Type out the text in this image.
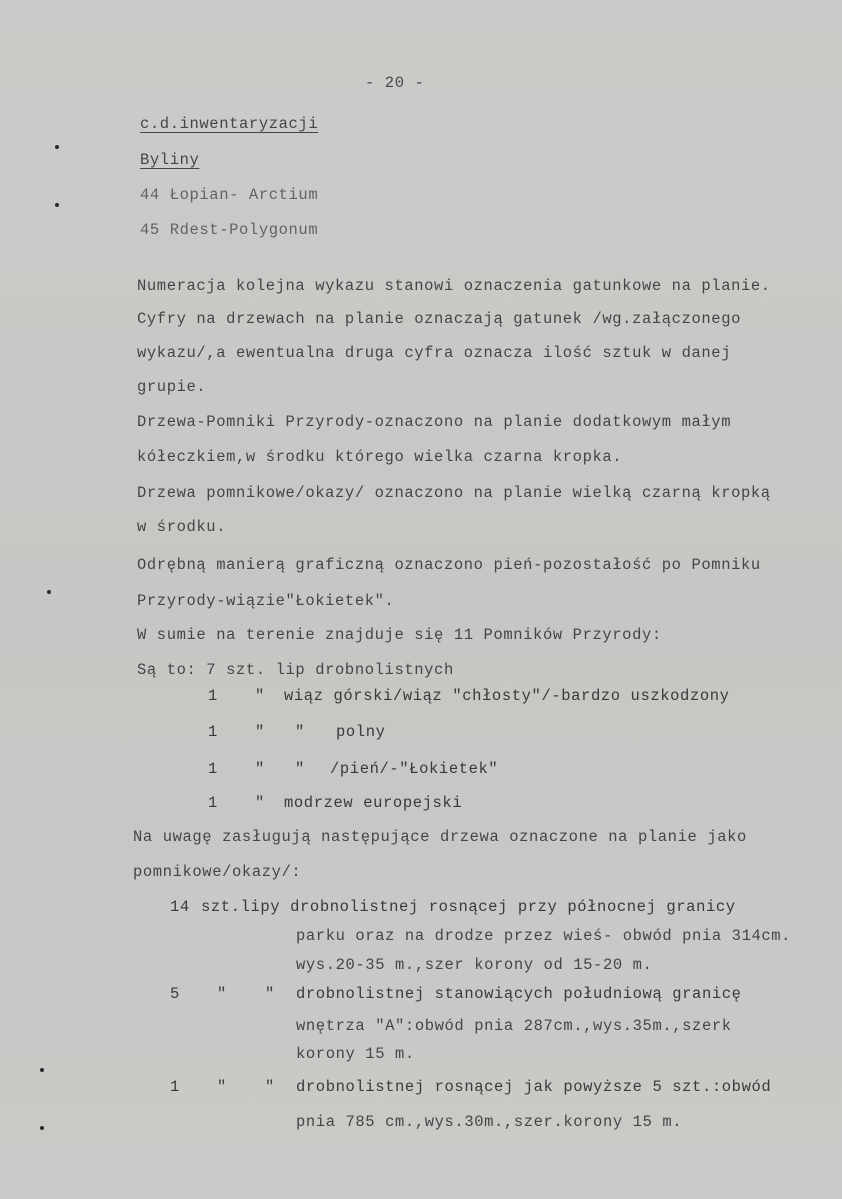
- 20 -
c.d.inwentaryzacji
Byliny
44 Łopian- Arctium
45 Rdest-Polygonum
Numeracja kolejna wykazu stanowi oznaczenia gatunkowe na planie.
Cyfry na drzewach na planie oznaczają gatunek /wg.załączonego
wykazu/,a ewentualna druga cyfra oznacza ilość sztuk w danej
grupie.
Drzewa-Pomniki Przyrody-oznaczono na planie dodatkowym małym
kółeczkiem,w środku którego wielka czarna kropka.
Drzewa pomnikowe/okazy/ oznaczono na planie wielką czarną kropką
w środku.
Odrębną manierą graficzną oznaczono pień-pozostałość po Pomniku
Przyrody-wiązie"Łokietek".
W sumie na terenie znajduje się 11 Pomników Przyrody:
Są to: 7 szt. lip drobnolistnych
1 " wiąz górski/wiąz "chłosty"/-bardzo uszkodzony
1 " " polny
1 " " /pień/-"Łokietek"
1 " modrzew europejski
Na uwagę zasługują następujące drzewa oznaczone na planie jako
pomnikowe/okazy/:
14 szt.lipy drobnolistnej rosnącej przy północnej granicy
parku oraz na drodze przez wieś- obwód pnia 314cm.
wys.20-35 m.,szer korony od 15-20 m.
5 " " drobnolistnej stanowiących południową granicę
wnętrza "A":obwód pnia 287cm.,wys.35m.,szerk
korony 15 m.
1 " " drobnolistnej rosnącej jak powyższe 5 szt.:obwód
pnia 785 cm.,wys.30m.,szer.korony 15 m.
